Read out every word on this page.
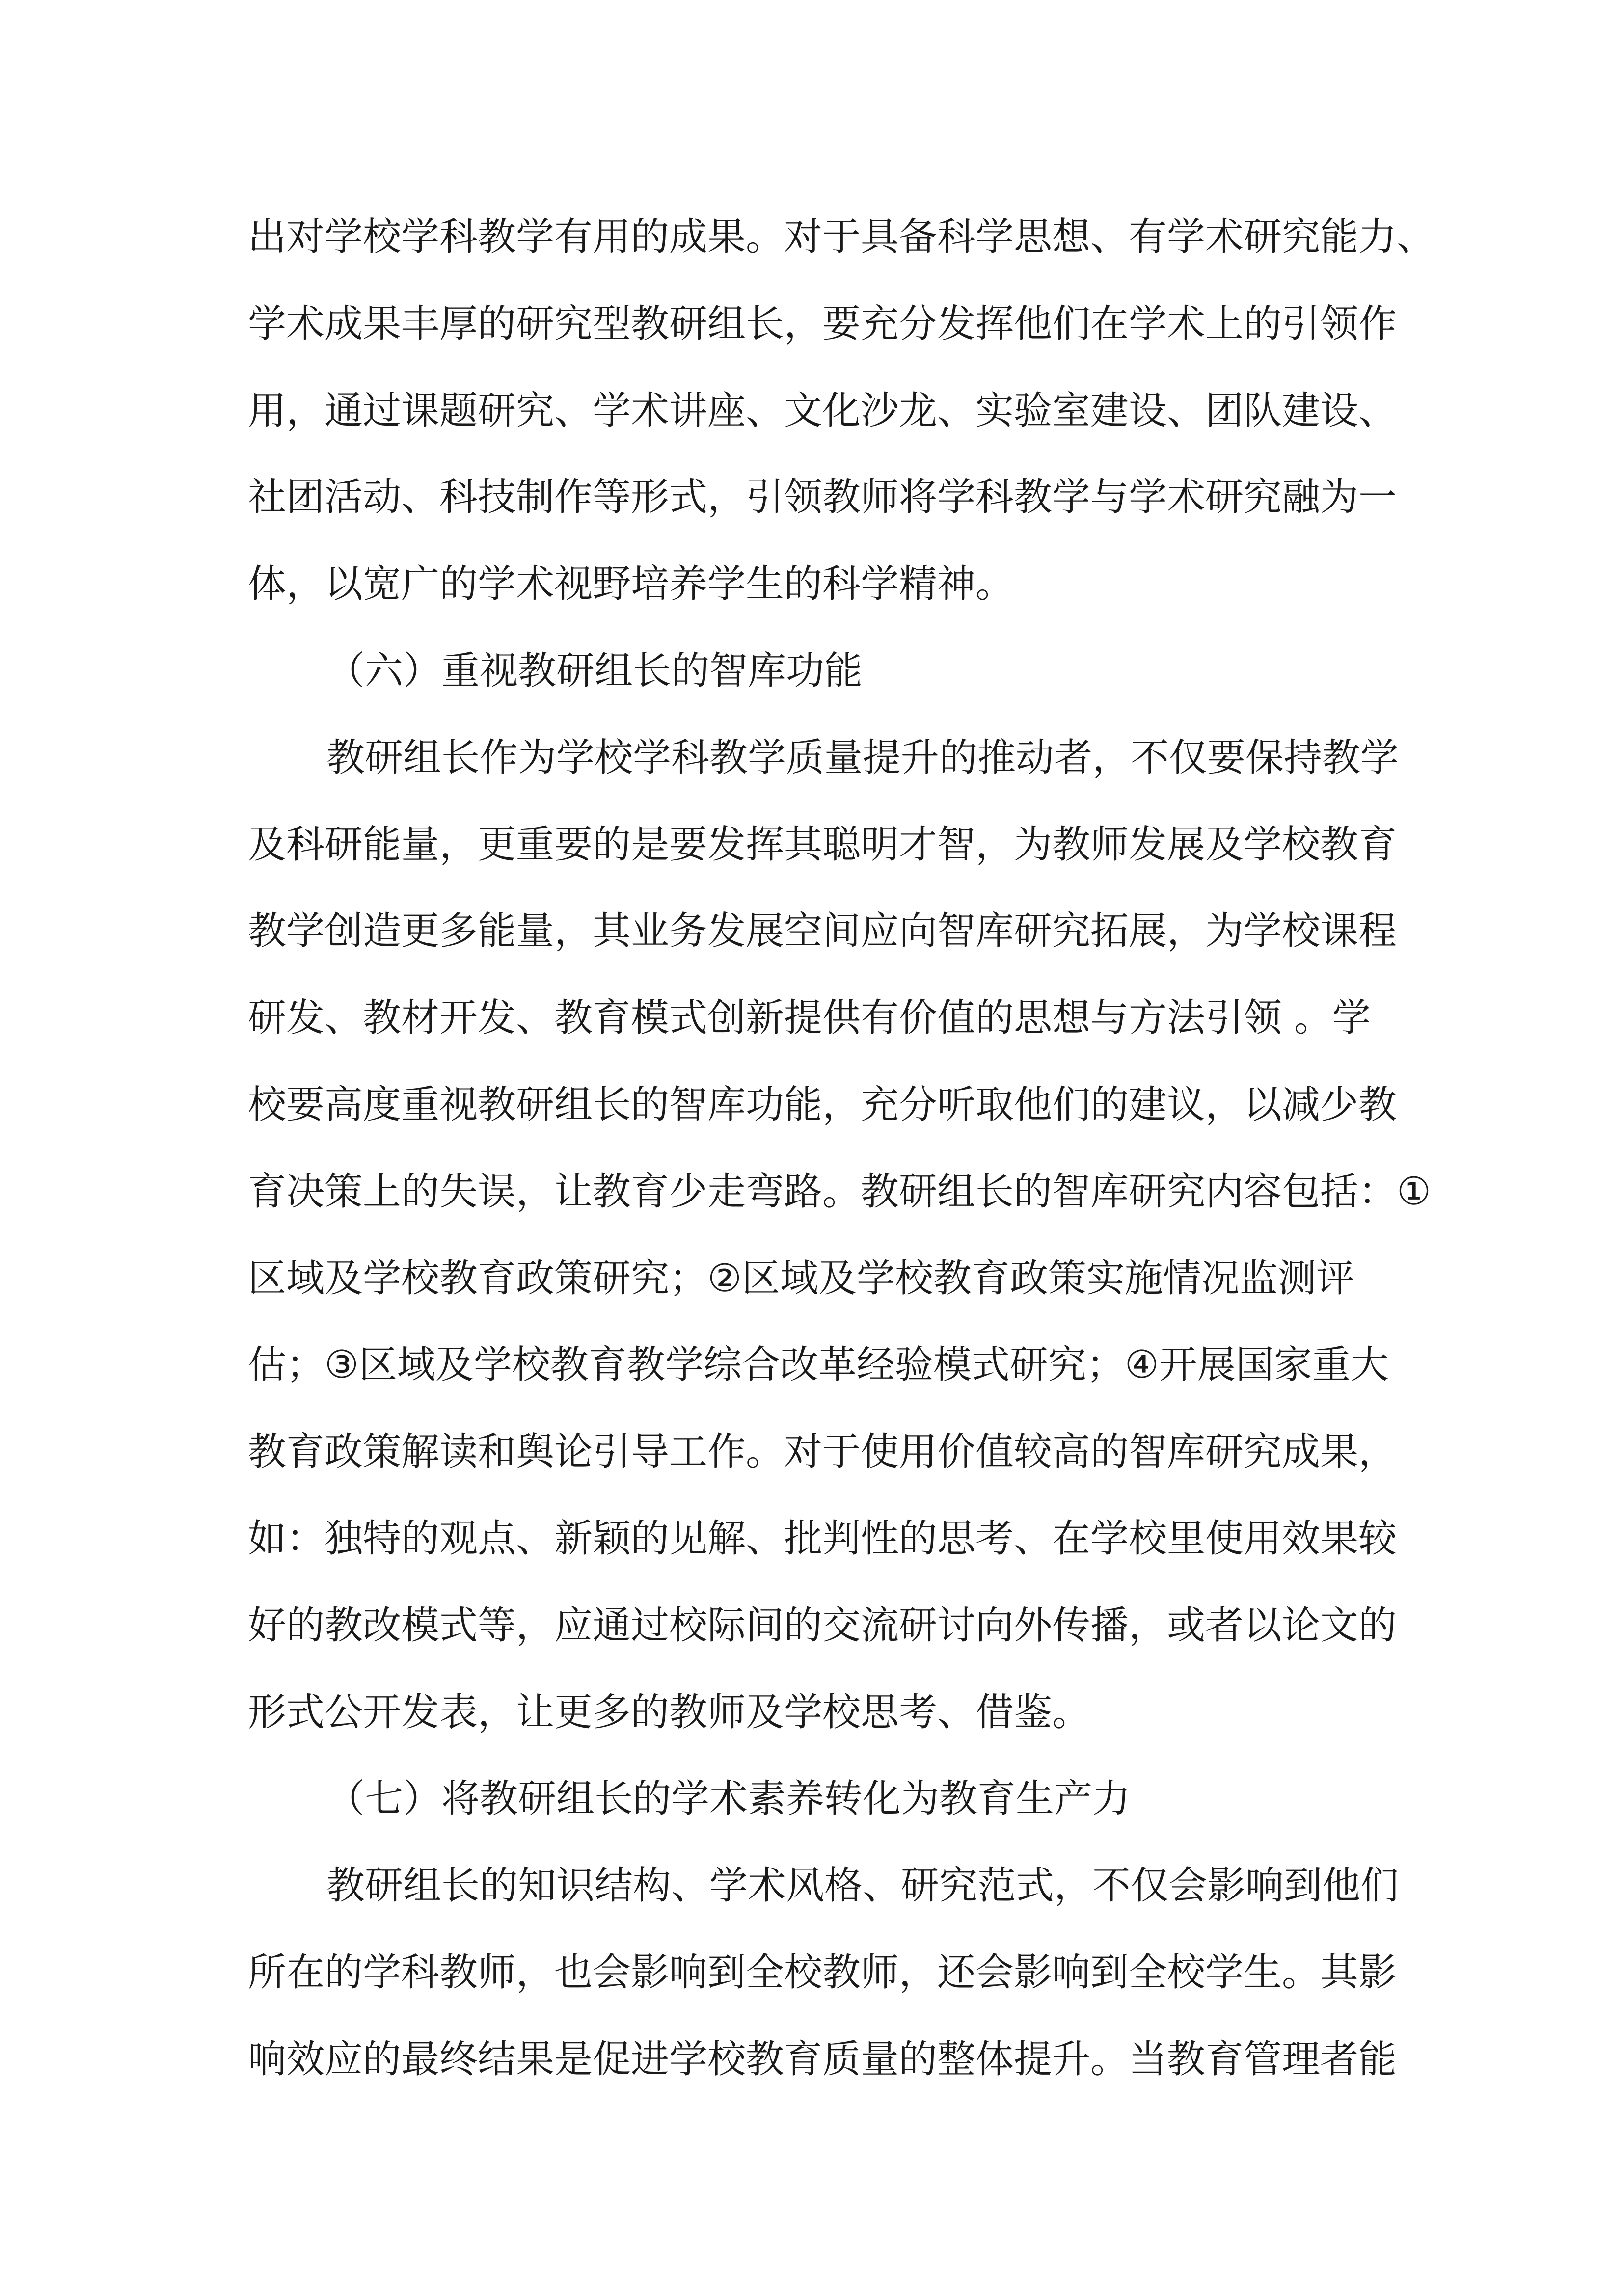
出对学校学科教学有用的成果。对于具备科学思想、有学术研究能力、
学术成果丰厚的研究型教研组长，要充分发挥他们在学术上的引领作
用，通过课题研究、学术讲座、文化沙龙、实验室建设、团队建设、
社团活动、科技制作等形式，引领教师将学科教学与学术研究融为一
体，以宽广的学术视野培养学生的科学精神。
（六）重视教研组长的智库功能
教研组长作为学校学科教学质量提升的推动者，不仅要保持教学
及科研能量，更重要的是要发挥其聪明才智，为教师发展及学校教育
教学创造更多能量，其业务发展空间应向智库研究拓展，为学校课程
研发、教材开发、教育模式创新提供有价值的思想与方法引领 。学
校要高度重视教研组长的智库功能，充分听取他们的建议，以减少教
育决策上的失误，让教育少走弯路。教研组长的智库研究内容包括：①
区域及学校教育政策研究；②区域及学校教育政策实施情况监测评
估；③区域及学校教育教学综合改革经验模式研究；④开展国家重大
教育政策解读和舆论引导工作。对于使用价值较高的智库研究成果，
如：独特的观点、新颖的见解、批判性的思考、在学校里使用效果较
好的教改模式等，应通过校际间的交流研讨向外传播，或者以论文的
形式公开发表，让更多的教师及学校思考、借鉴。
（七）将教研组长的学术素养转化为教育生产力
教研组长的知识结构、学术风格、研究范式，不仅会影响到他们
所在的学科教师，也会影响到全校教师，还会影响到全校学生。其影
响效应的最终结果是促进学校教育质量的整体提升。当教育管理者能
